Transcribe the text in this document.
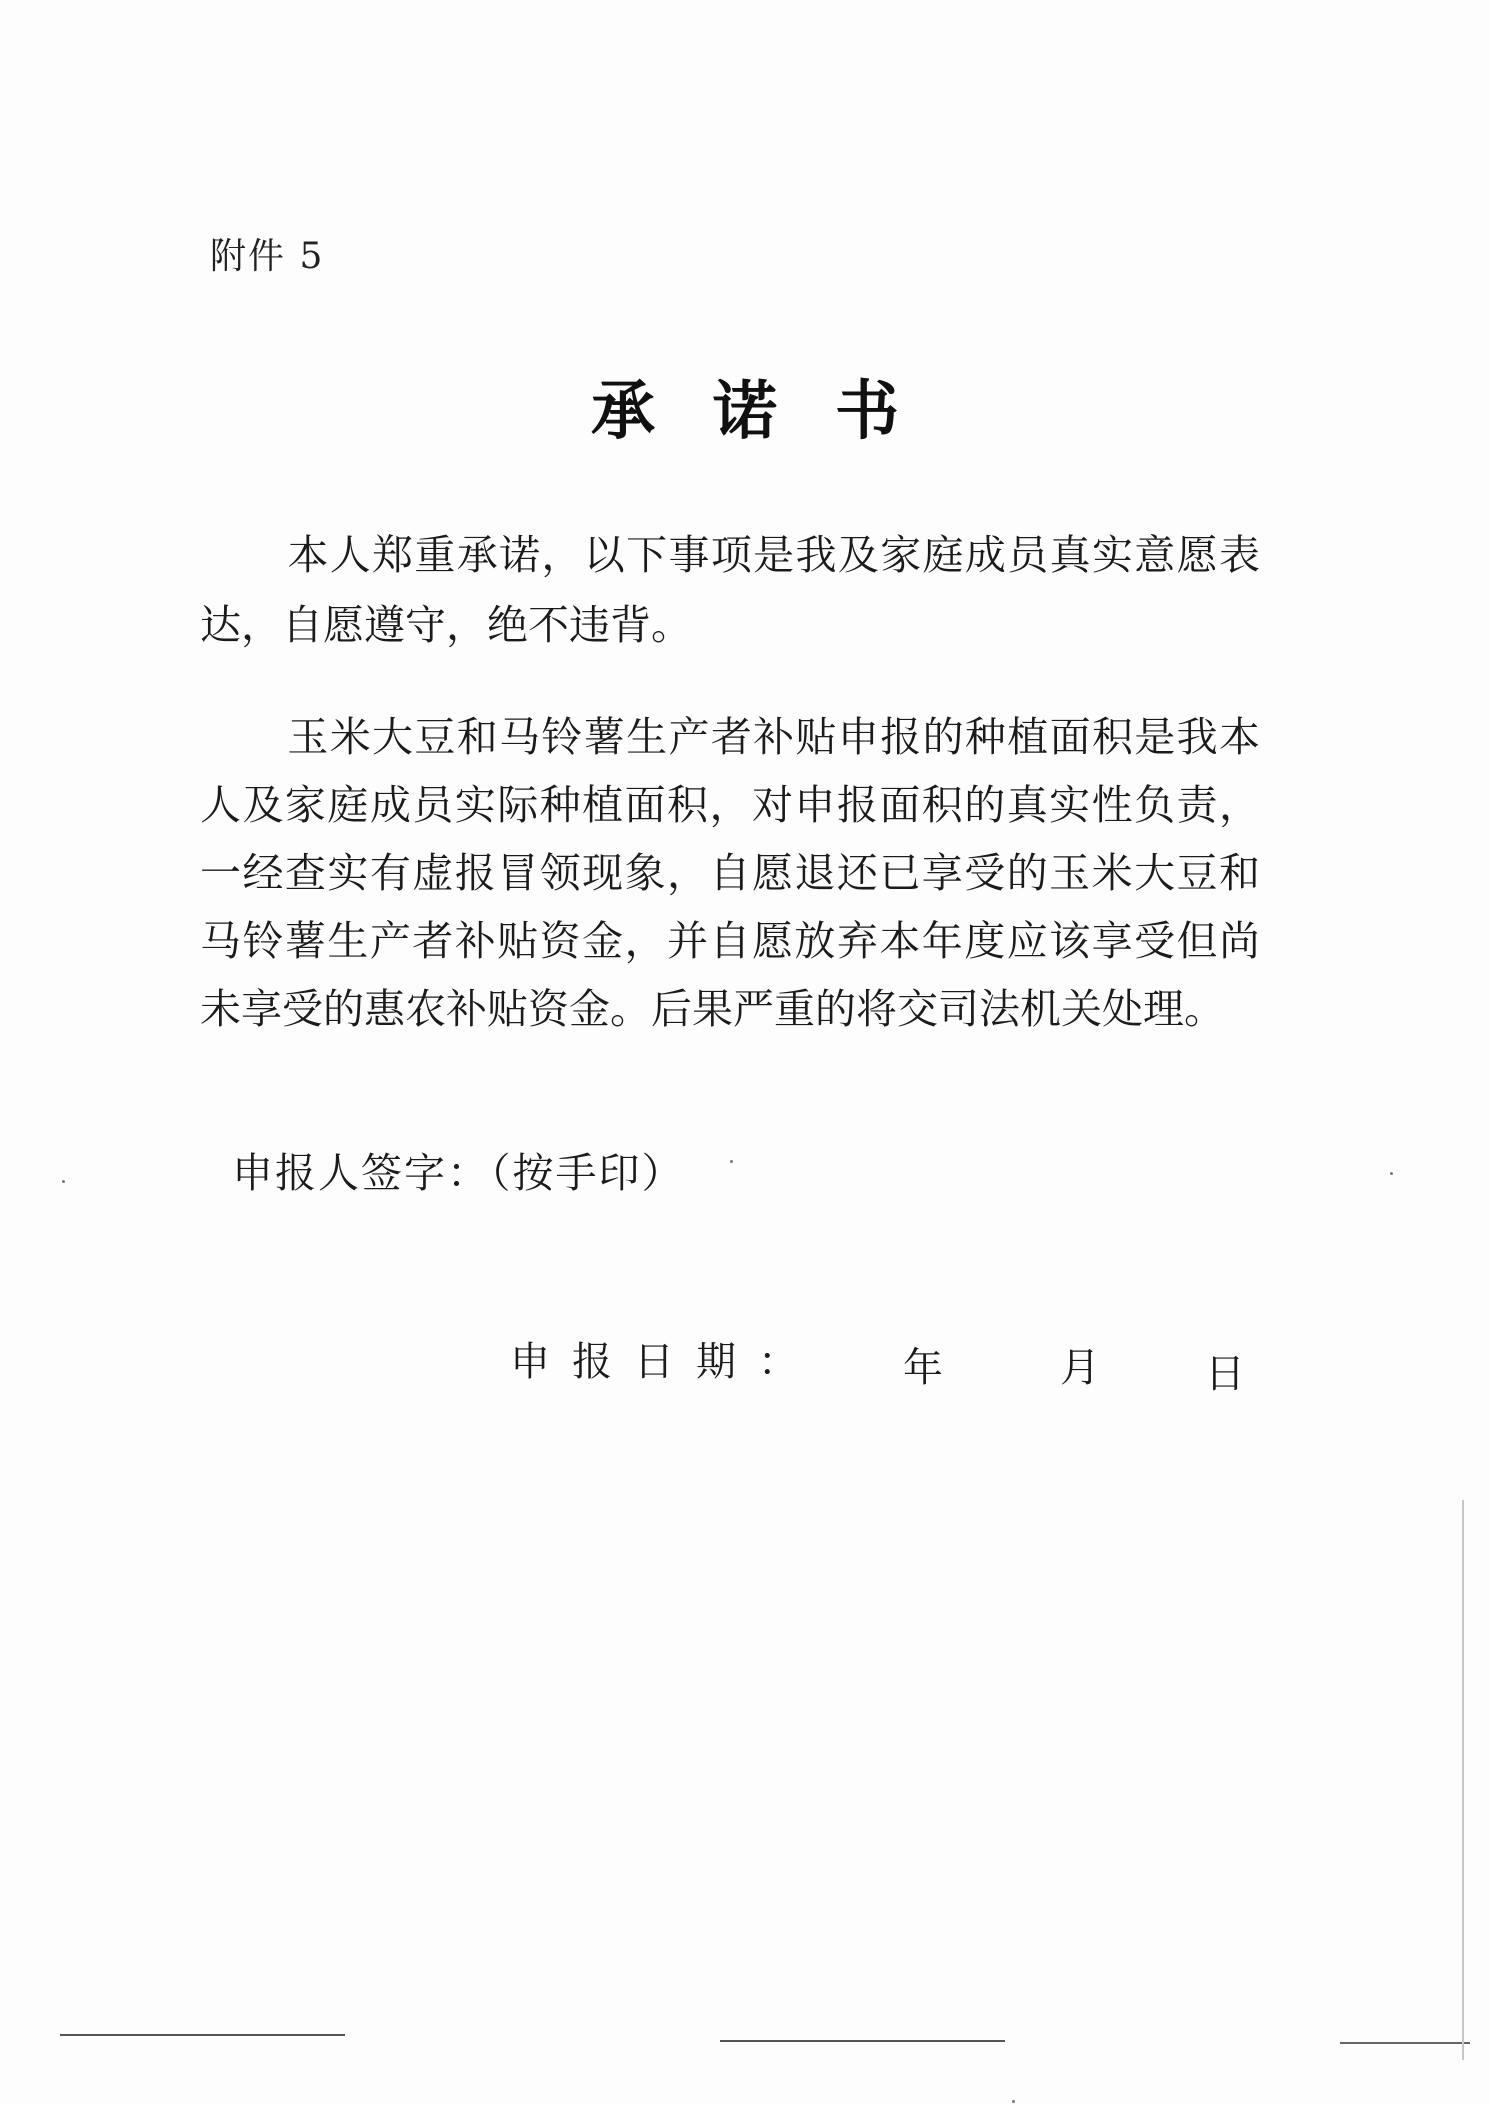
附件 5
承诺书
本人郑重承诺，以下事项是我及家庭成员真实意愿表达，自愿遵守，绝不违背。
玉米大豆和马铃薯生产者补贴申报的种植面积是我本人及家庭成员实际种植面积，对申报面积的真实性负责，一经查实有虚报冒领现象，自愿退还已享受的玉米大豆和马铃薯生产者补贴资金，并自愿放弃本年度应该享受但尚未享受的惠农补贴资金。后果严重的将交司法机关处理。
申报人签字：（按手印）
申报日期： 年	月	日
